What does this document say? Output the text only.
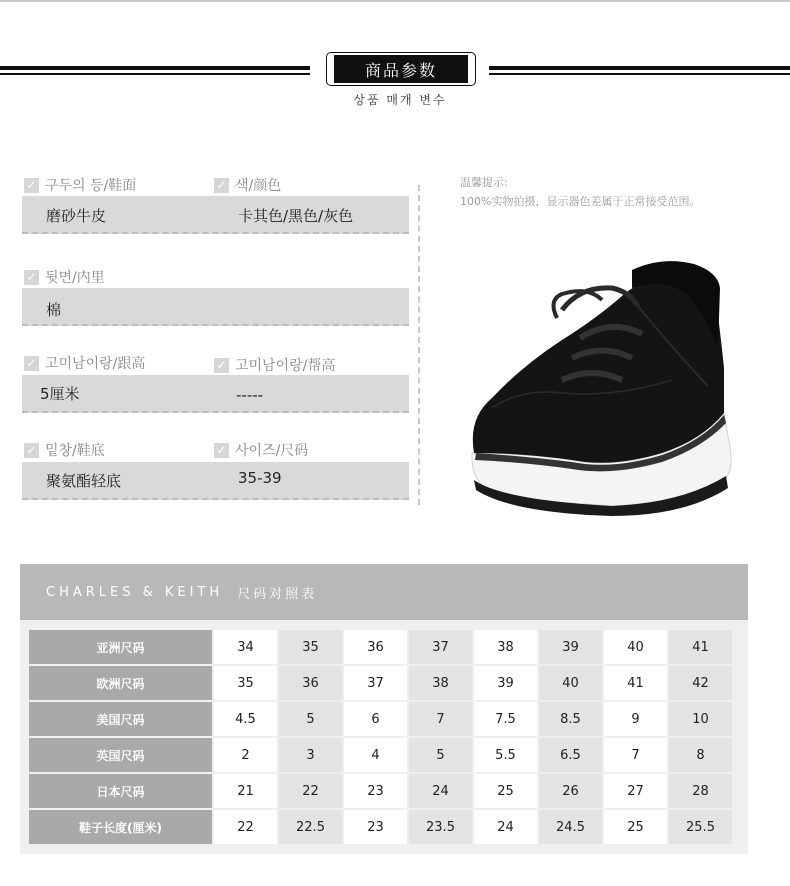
商品参数
상품 매개 변수
✓ 구두의 등/鞋面	✓ 색/颜色
磨砂牛皮	卡其色/黑色/灰色
✓ 뒷면/内里
棉
✓ 고미남이랑/跟高	✓ 고미남이랑/帮高
5厘米	-----
✓ 밑창/鞋底	✓ 사이즈/尺码
聚氨酯轻底	35-39
温馨提示:
100%实物拍摄，显示器色差属于正常接受范围。
CHARLES & KEITH 尺码对照表
亚洲尺码	34	35	36	37	38	39	40	41
欧洲尺码	35	36	37	38	39	40	41	42
美国尺码	4.5	5	6	7	7.5	8.5	9	10
英国尺码	2	3	4	5	5.5	6.5	7	8
日本尺码	21	22	23	24	25	26	27	28
鞋子长度(厘米)	22	22.5	23	23.5	24	24.5	25	25.5
